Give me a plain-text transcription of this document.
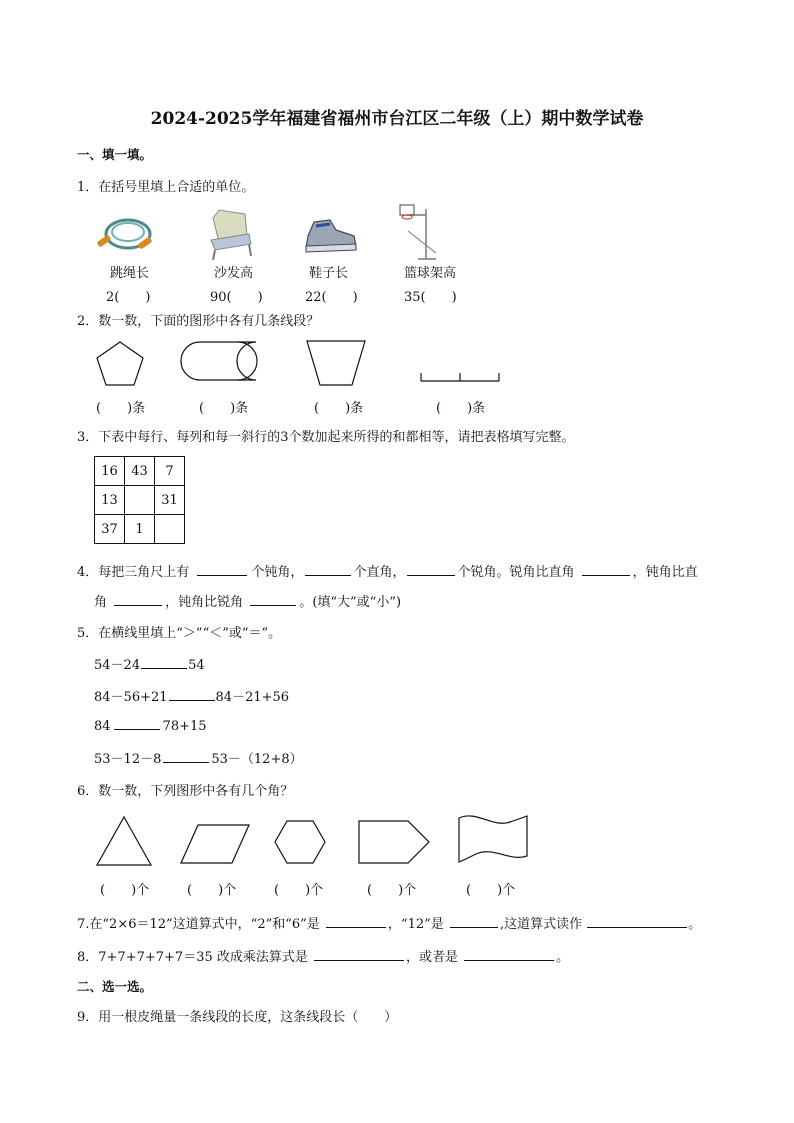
2024-2025学年福建省福州市台江区二年级（上）期中数学试卷
一、填一填。
1．在括号里填上合适的单位。
跳绳长	沙发高	鞋子长	篮球架高
2(　　)	90(　　)	22(　　)	35(　　)
2．数一数，下面的图形中各有几条线段？
(　　)条	(　　)条	(　　)条	(　　)条
3．下表中每行、每列和每一斜行的3个数加起来所得的和都相等，请把表格填写完整。
16	43	7
13		31
37	1	
4．每把三角尺上有	个钝角，	个直角，	个锐角。锐角比直角	，钝角比直
角	，钝角比锐角	。(填“大”或“小”)
5．在横线里填上“＞”“＜”或“＝”。
54－24	54
84－56+21	84－21+56
84	78+15
53－12－8	53－（12+8）
6．数一数，下列图形中各有几个角？
(　　)个	(　　)个	(　　)个	(　　)个	(　　)个
7.在“2×6＝12”这道算式中，“2”和“6”是	，“12”是	,这道算式读作	。
8．7+7+7+7+7＝35 改成乘法算式是	，或者是	。
二、选一选。
9．用一根皮绳量一条线段的长度，这条线段长（　　）
